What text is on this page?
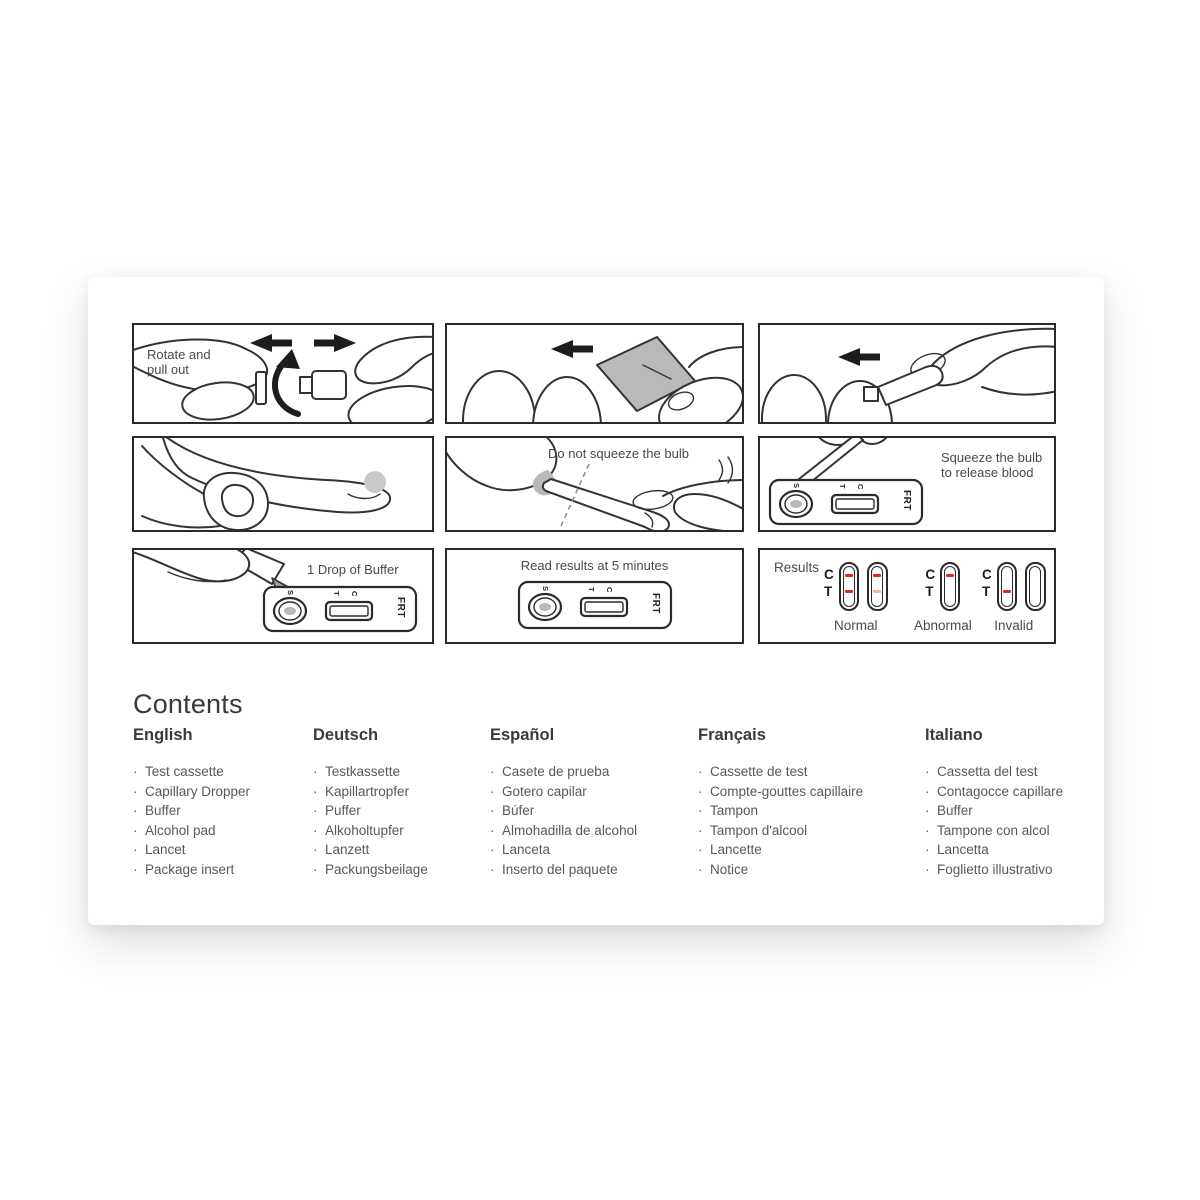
Rotate and
pull out
Do not squeeze the bulb
S	T C
FRT
Squeeze the bulb
to release blood
S	T C
FRT
1 Drop of Buffer
S	T C
FRT
Read results at 5 minutes	Results C
T
Normal
C
T
Abnormal
C
T
Invalid
Contents
English
·  Test cassette
·  Capillary Dropper
·  Buffer
·  Alcohol pad
·  Lancet
·  Package insert
Deutsch
·  Testkassette
·  Kapillartropfer
·  Puffer
·  Alkoholtupfer
·  Lanzett
·  Packungsbeilage
Español
·  Casete de prueba
·  Gotero capilar
·  Búfer
·  Almohadilla de alcohol
·  Lanceta
·  Inserto del paquete
Français
·  Cassette de test
·  Compte-gouttes capillaire
·  Tampon
·  Tampon d'alcool
·  Lancette
·  Notice
Italiano
·  Cassetta del test
·  Contagocce capillare
·  Buffer
·  Tampone con alcol
·  Lancetta
·  Foglietto illustrativo
